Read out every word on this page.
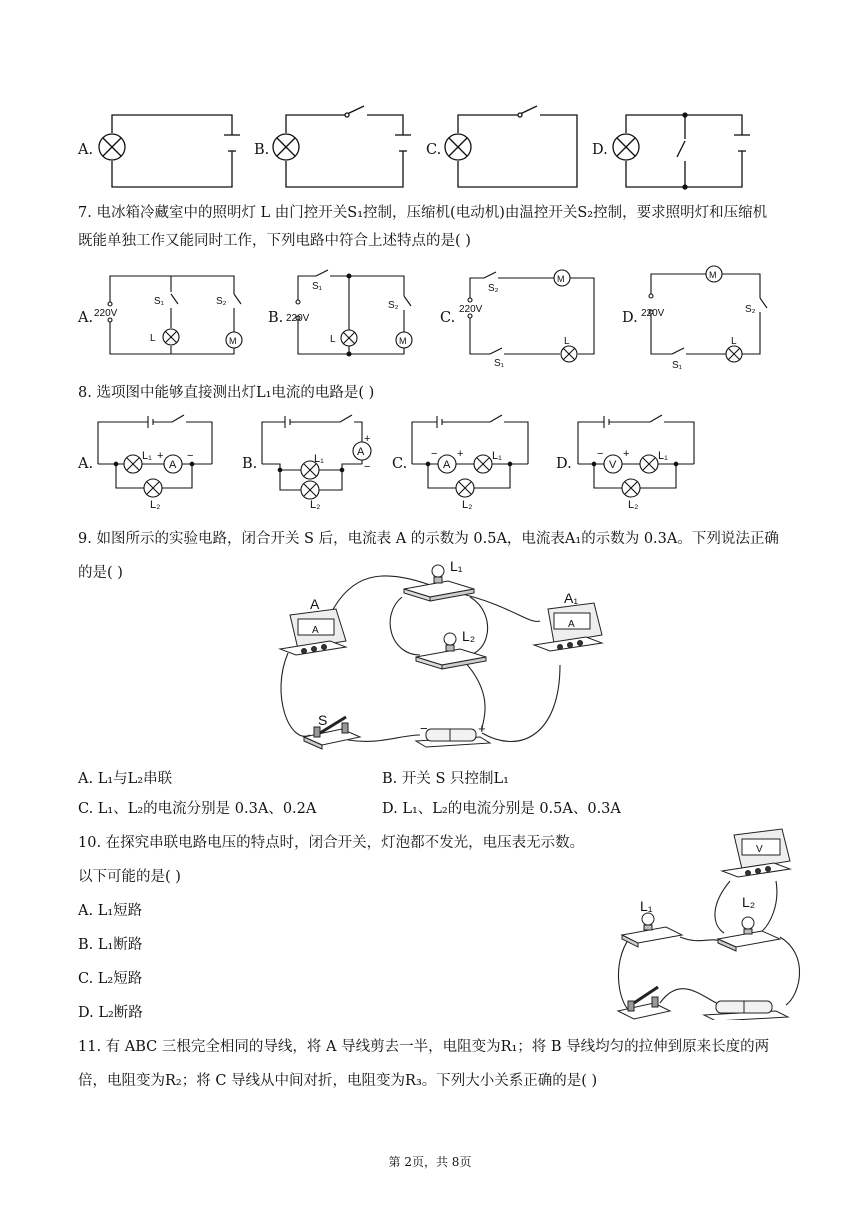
A.	B.	C.	D.
7. 电冰箱冷藏室中的照明灯 L 由门控开关S₁控制，压缩机(电动机)由温控开关S₂控制，要求照明灯和压缩机
既能单独工作又能同时工作，下列电路中符合上述特点的是( )
220V
S₁	S₂
L	M
220V
S₁
S₂
L	M
220V
S₂
S₁
M
L
220V	S₂
S₁
M
L
A.	B.	C.	D.
8. 选项图中能够直接测出灯L₁电流的电路是( )
L₁ +
A
−
L₂
L₁
A
+
−
L₂
−
A
+	L₁
L₂
−
V
+	L₁
L₂
A.	B.	C.	D.
9. 如图所示的实验电路，闭合开关 S 后，电流表 A 的示数为 0.5A，电流表A₁的示数为 0.3A。下列说法正确
的是( )	L₁
L₂
A
A
A₁
A
S
−	+
A. L₁与L₂串联	B. 开关 S 只控制L₁
C. L₁、L₂的电流分别是 0.3A、0.2A	D. L₁、L₂的电流分别是 0.5A、0.3A
10. 在探究串联电路电压的特点时，闭合开关，灯泡都不发光，电压表无示数。
以下可能的是( )
A. L₁短路
B. L₁断路
C. L₂短路
D. L₂断路
V
L₁	L₂
11. 有 ABC 三根完全相同的导线，将 A 导线剪去一半，电阻变为R₁；将 B 导线均匀的拉伸到原来长度的两
倍，电阻变为R₂；将 C 导线从中间对折，电阻变为R₃。下列大小关系正确的是( )
第 2页，共 8页
